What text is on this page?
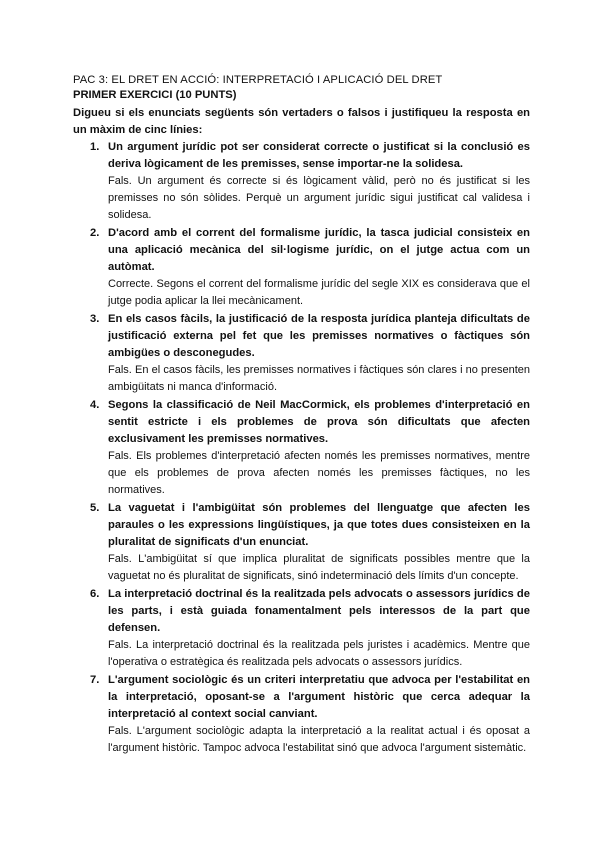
PAC 3: EL DRET EN ACCIÓ: INTERPRETACIÓ I APLICACIÓ DEL DRET
PRIMER EXERCICI (10 PUNTS)
Digueu si els enunciats següents són vertaders o falsos i justifiqueu la resposta en un màxim de cinc línies:
1. Un argument jurídic pot ser considerat correcte o justificat si la conclusió es deriva lògicament de les premisses, sense importar-ne la solidesa.

Fals. Un argument és correcte si és lògicament vàlid, però no és justificat si les premisses no són sòlides. Perquè un argument jurídic sigui justificat cal validesa i solidesa.

2. D'acord amb el corrent del formalisme jurídic, la tasca judicial consisteix en una aplicació mecànica del sil·logisme jurídic, on el jutge actua com un autòmat.

Correcte. Segons el corrent del formalisme jurídic del segle XIX es considerava que el jutge podia aplicar la llei mecànicament.

3. En els casos fàcils, la justificació de la resposta jurídica planteja dificultats de justificació externa pel fet que les premisses normatives o fàctiques són ambigües o desconegudes.

Fals. En el casos fàcils, les premisses normatives i fàctiques són clares i no presenten ambigüitats ni manca d'informació.

4. Segons la classificació de Neil MacCormick, els problemes d'interpretació en sentit estricte i els problemes de prova són dificultats que afecten exclusivament les premisses normatives.

Fals. Els problemes d'interpretació afecten només les premisses normatives, mentre que els problemes de prova afecten només les premisses fàctiques, no les normatives.

5. La vaguetat i l'ambigüitat són problemes del llenguatge que afecten les paraules o les expressions lingüístiques, ja que totes dues consisteixen en la pluralitat de significats d'un enunciat.

Fals. L'ambigüitat sí que implica pluralitat de significats possibles mentre que la vaguetat no és pluralitat de significats, sinó indeterminació dels límits d'un concepte.

6. La interpretació doctrinal és la realitzada pels advocats o assessors jurídics de les parts, i està guiada fonamentalment pels interessos de la part que defensen.

Fals. La interpretació doctrinal és la realitzada pels juristes i acadèmics. Mentre que l'operativa o estratègica és realitzada pels advocats o assessors jurídics.

7. L'argument sociològic és un criteri interpretatiu que advoca per l'estabilitat en la interpretació, oposant-se a l'argument històric que cerca adequar la interpretació al context social canviant.

Fals. L'argument sociològic adapta la interpretació a la realitat actual i és oposat a l'argument històric. Tampoc advoca l'estabilitat sinó que advoca l'argument sistemàtic.
